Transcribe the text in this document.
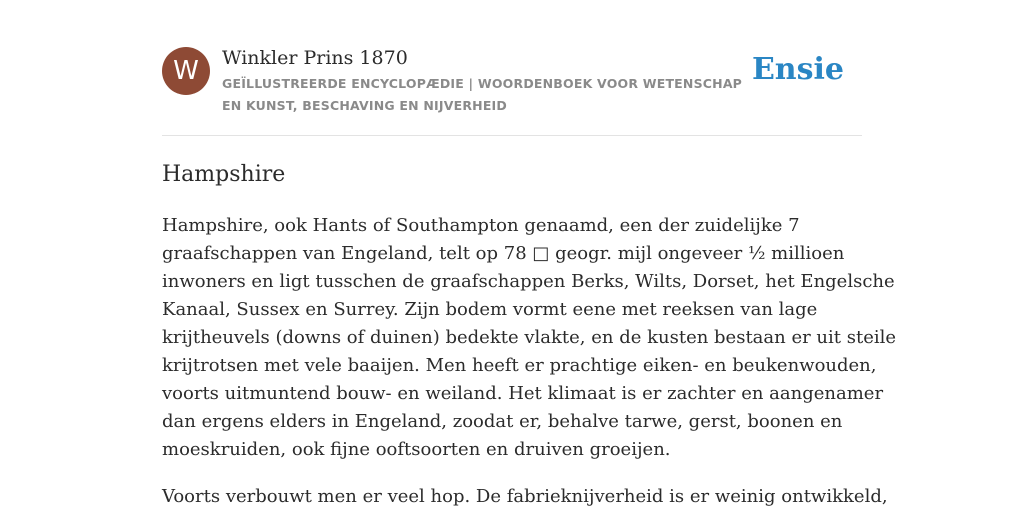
W	Winkler Prins 1870
GEÏLLUSTREERDE ENCYCLOPÆDIE | WOORDENBOEK VOOR WETENSCHAP EN KUNST, BESCHAVING EN NIJVERHEID
Ensie
Hampshire

Hampshire, ook Hants of Southampton genaamd, een der zuidelijke 7
graafschappen van Engeland, telt op 78 □ geogr. mijl ongeveer ½ millioen
inwoners en ligt tusschen de graafschappen Berks, Wilts, Dorset, het Engelsche
Kanaal, Sussex en Surrey. Zijn bodem vormt eene met reeksen van lage
krijtheuvels (downs of duinen) bedekte vlakte, en de kusten bestaan er uit steile
krijtrotsen met vele baaijen. Men heeft er prachtige eiken- en beukenwouden,
voorts uitmuntend bouw- en weiland. Het klimaat is er zachter en aangenamer
dan ergens elders in Engeland, zoodat er, behalve tarwe, gerst, boonen en
moeskruiden, ook fijne ooftsoorten en druiven groeijen.

Voorts verbouwt men er veel hop. De fabrieknijverheid is er weinig ontwikkeld,
